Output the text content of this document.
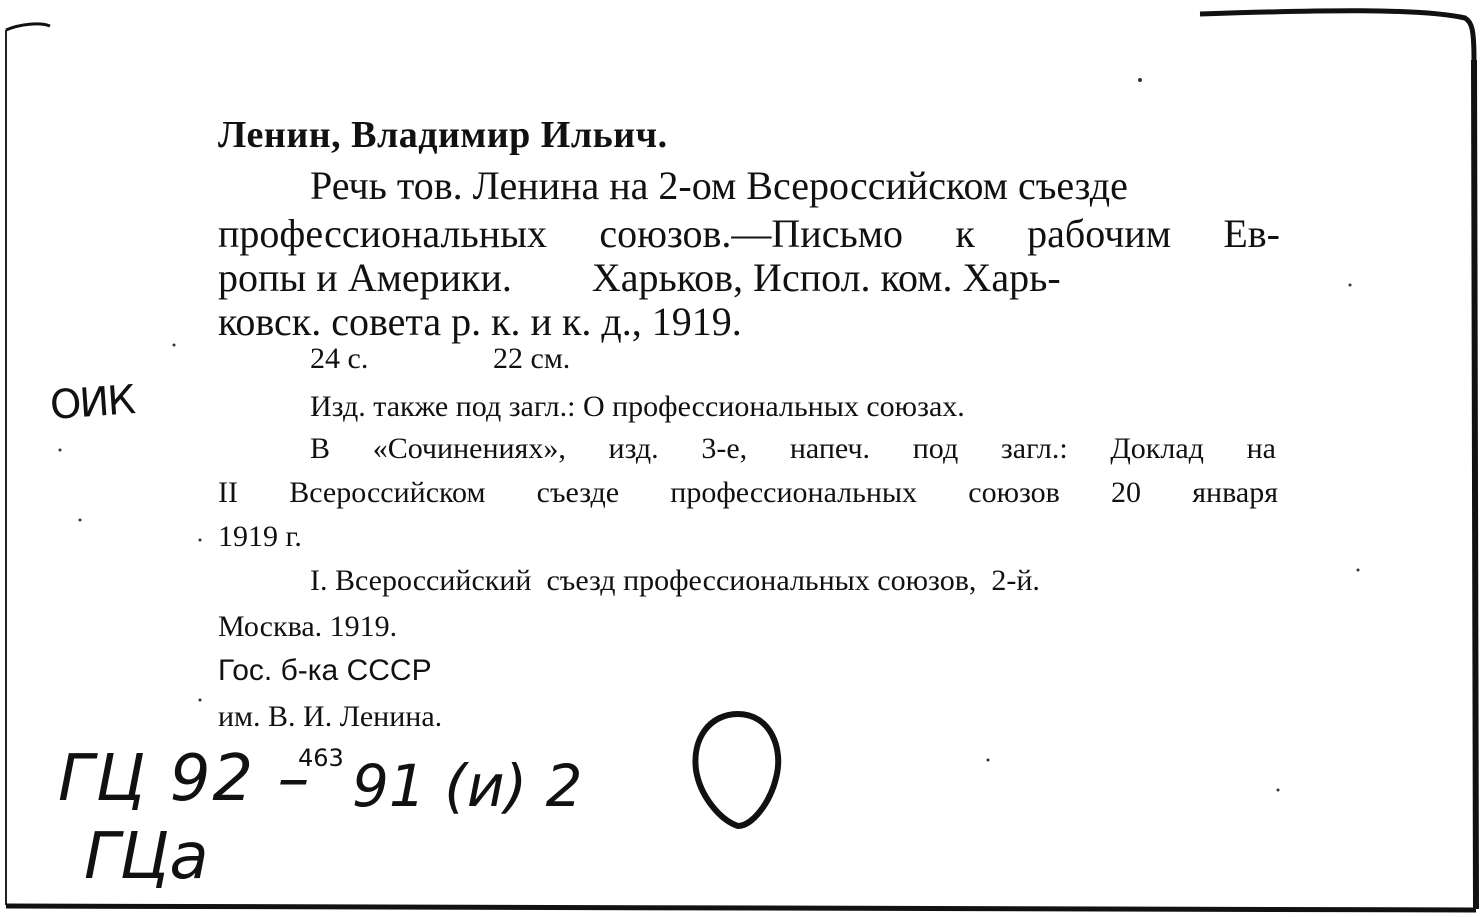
Ленин, Владимир Ильич.
Речь тов. Ленина на 2-ом Всероссийском съезде
профессиональных союзов.—Письмо к рабочим Ев-
ропы и Америки.        Харьков, Испол. ком. Харь-
ковск. совета р. к. и к. д., 1919.
24 с.	22 см.
Изд. также под загл.: О профессиональных союзах.
В «Сочинениях», изд. 3-е, напеч. под загл.: Доклад на
II Всероссийском съезде профессиональных союзов 20 января
1919 г.
I. Всероссийский  съезд профессиональных союзов,  2-й.
Москва. 1919.
Гос. б-ка СССР
им. В. И. Ленина.
ОИК
ГЦ 92 –
463 91 (и) 2
ГЦа
